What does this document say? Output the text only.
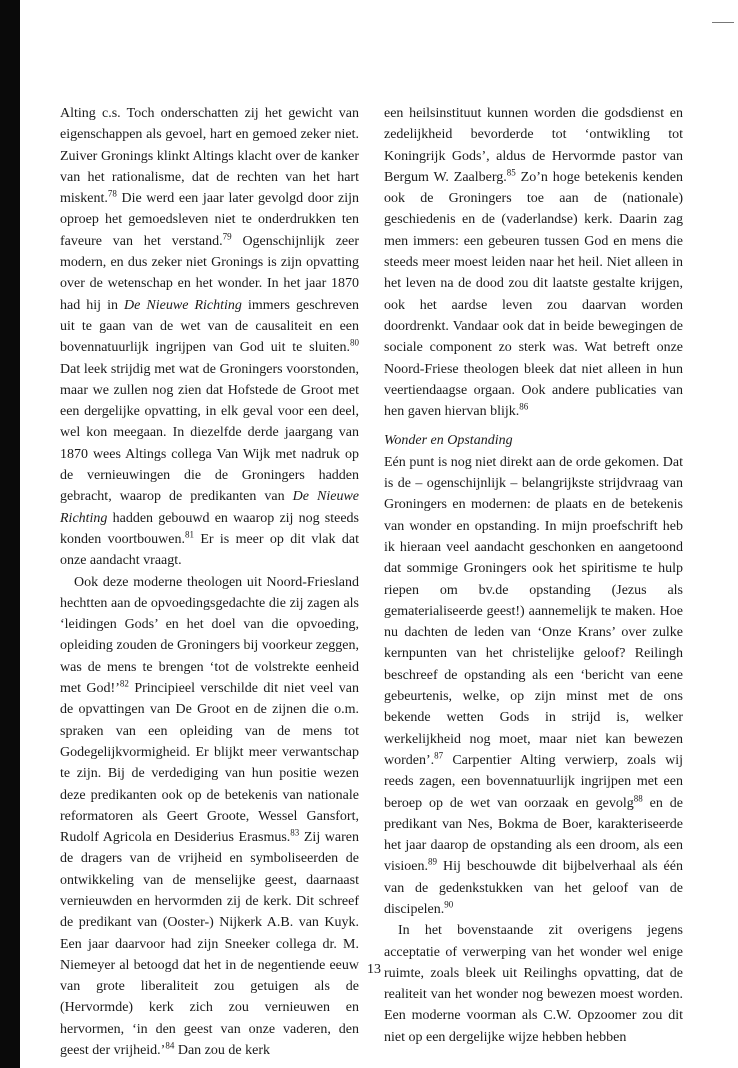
Alting c.s. Toch onderschatten zij het gewicht van eigenschappen als gevoel, hart en gemoed zeker niet. Zuiver Gronings klinkt Altings klacht over de kanker van het rationalisme, dat de rechten van het hart miskent.$^{78}$ Die werd een jaar later gevolgd door zijn oproep het gemoedsleven niet te onderdrukken ten faveure van het verstand.$^{79}$ Ogenschijnlijk zeer modern, en dus zeker niet Gronings is zijn opvatting over de wetenschap en het wonder. In het jaar 1870 had hij in De Nieuwe Richting immers geschreven uit te gaan van de wet van de causaliteit en een bovennatuurlijk ingrijpen van God uit te sluiten.$^{80}$ Dat leek strijdig met wat de Groningers voorstonden, maar we zullen nog zien dat Hofstede de Groot met een dergelijke opvatting, in elk geval voor een deel, wel kon meegaan. In diezelfde derde jaargang van 1870 wees Altings collega Van Wijk met nadruk op de vernieuwingen die de Groningers hadden gebracht, waarop de predikanten van De Nieuwe Richting hadden gebouwd en waarop zij nog steeds konden voortbouwen.$^{81}$ Er is meer op dit vlak dat onze aandacht vraagt.

Ook deze moderne theologen uit Noord-Friesland hechtten aan de opvoedingsgedachte die zij zagen als ‘leidingen Gods’ en het doel van die opvoeding, opleiding zouden de Groningers bij voorkeur zeggen, was de mens te brengen ‘tot de volstrekte eenheid met God!’$^{82}$ Principieel verschilde dit niet veel van de opvattingen van De Groot en de zijnen die o.m. spraken van een opleiding van de mens tot Godegelijkvormigheid. Er blijkt meer verwantschap te zijn. Bij de verdediging van hun positie wezen deze predikanten ook op de betekenis van nationale reformatoren als Geert Groote, Wessel Gansfort, Rudolf Agricola en Desiderius Erasmus.$^{83}$ Zij waren de dragers van de vrijheid en symboliseerden de ontwikkeling van de menselijke geest, daarnaast vernieuwden en hervormden zij de kerk. Dit schreef de predikant van (Ooster-) Nijkerk A.B. van Kuyk. Een jaar daarvoor had zijn Sneeker collega dr. M. Niemeyer al betoogd dat het in de negentiende eeuw van grote liberaliteit zou getuigen als de (Hervormde) kerk zich zou vernieuwen en hervormen, ‘in den geest van onze vaderen, den geest der vrijheid.’$^{84}$ Dan zou de kerk

een heilsinstituut kunnen worden die godsdienst en zedelijkheid bevorderde tot ‘ontwikling tot Koningrijk Gods’, aldus de Hervormde pastor van Bergum W. Zaalberg.$^{85}$ Zo’n hoge betekenis kenden ook de Groningers toe aan de (nationale) geschiedenis en de (vaderlandse) kerk. Daarin zag men immers: een gebeuren tussen God en mens die steeds meer moest leiden naar het heil. Niet alleen in het leven na de dood zou dit laatste gestalte krijgen, ook het aardse leven zou daarvan worden doordrenkt. Vandaar ook dat in beide bewegingen de sociale component zo sterk was. Wat betreft onze Noord-Friese theologen bleek dat niet alleen in hun veertiendaagse orgaan. Ook andere publicaties van hen gaven hiervan blijk.$^{86}$

Wonder en Opstanding

Eén punt is nog niet direkt aan de orde gekomen. Dat is de – ogenschijnlijk – belangrijkste strijdvraag van Groningers en modernen: de plaats en de betekenis van wonder en opstanding. In mijn proefschrift heb ik hieraan veel aandacht geschonken en aangetoond dat sommige Groningers ook het spiritisme te hulp riepen om bv.de opstanding (Jezus als gematerialiseerde geest!) aannemelijk te maken. Hoe nu dachten de leden van ‘Onze Krans’ over zulke kernpunten van het christelijke geloof? Reilingh beschreef de opstanding als een ‘bericht van eene gebeurtenis, welke, op zijn minst met de ons bekende wetten Gods in strijd is, welker werkelijkheid nog moet, maar niet kan bewezen worden’.$^{87}$ Carpentier Alting verwierp, zoals wij reeds zagen, een bovennatuurlijk ingrijpen met een beroep op de wet van oorzaak en gevolg$^{88}$ en de predikant van Nes, Bokma de Boer, karakteriseerde het jaar daarop de opstanding als een droom, als een visioen.$^{89}$ Hij beschouwde dit bijbelverhaal als één van de gedenkstukken van het geloof van de discipelen.$^{90}$

In het bovenstaande zit overigens jegens acceptatie of verwerping van het wonder wel enige ruimte, zoals bleek uit Reilinghs opvatting, dat de realiteit van het wonder nog bewezen moest worden. Een moderne voorman als C.W. Opzoomer zou dit niet op een dergelijke wijze hebben hebben

13
